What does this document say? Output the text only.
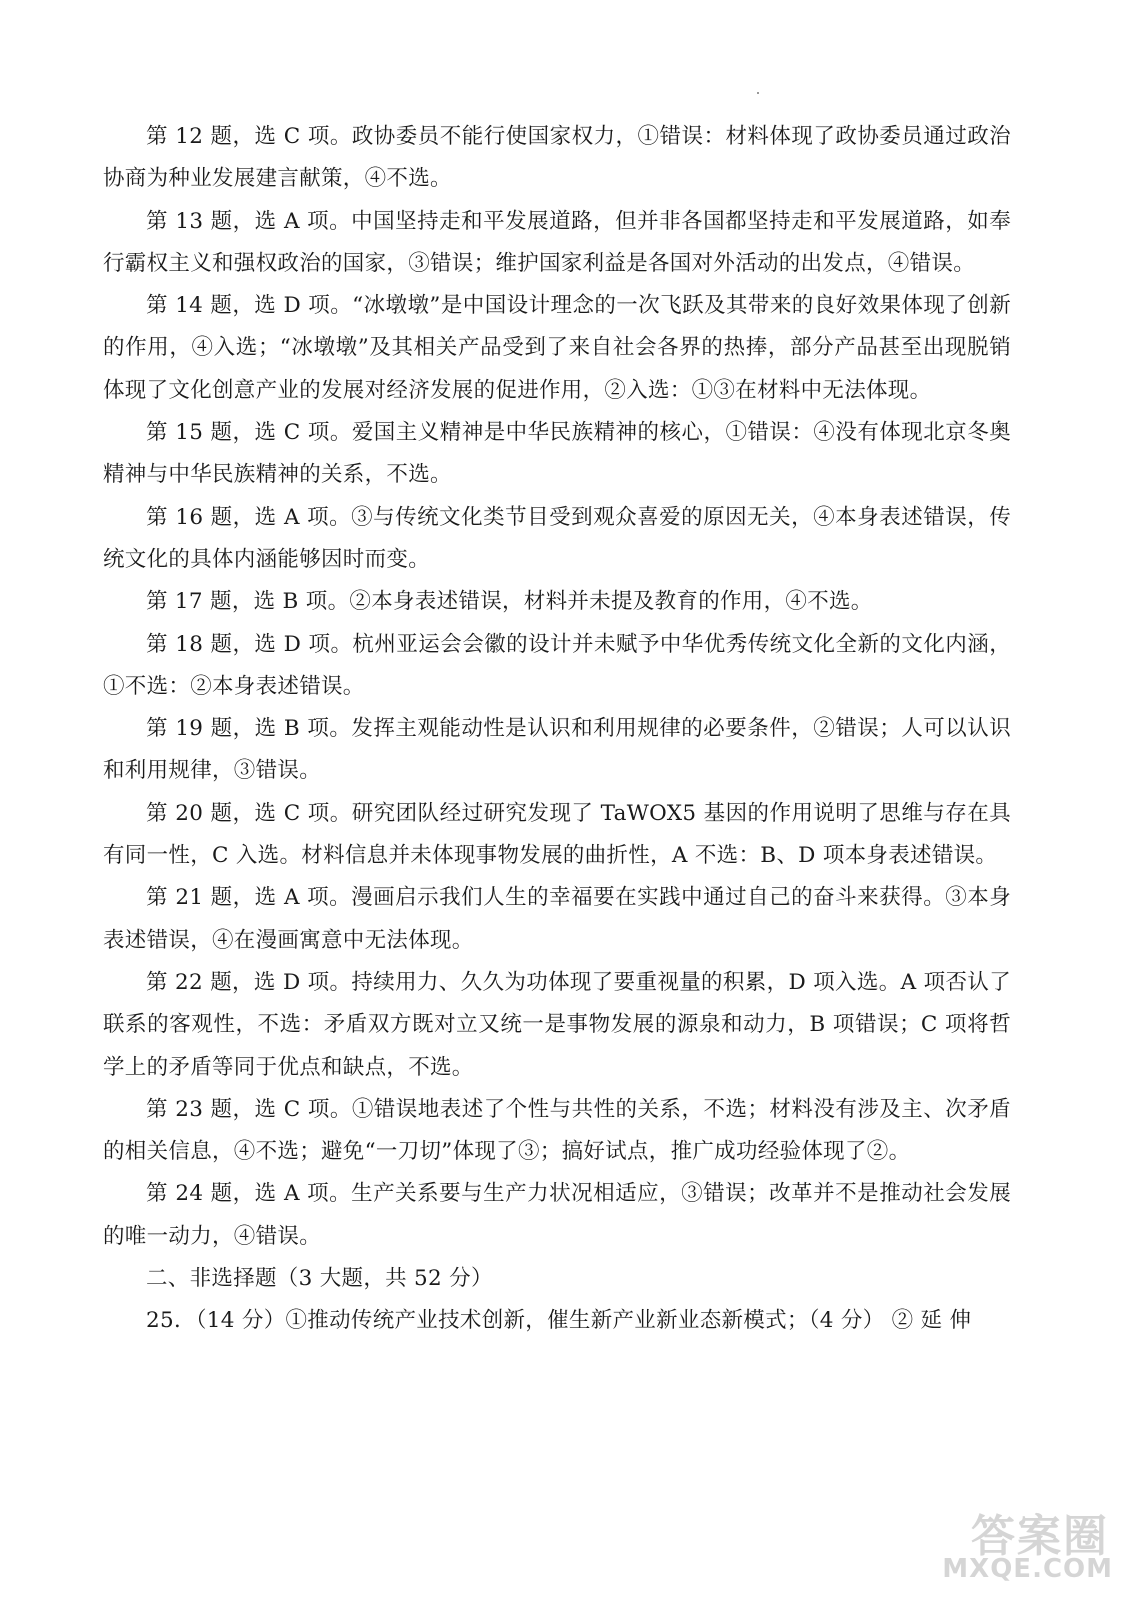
第 12 题，选 C 项。政协委员不能行使国家权力，①错误：材料体现了政协委员通过政治协商为种业发展建言献策，④不选。

第 13 题，选 A 项。中国坚持走和平发展道路，但并非各国都坚持走和平发展道路，如奉行霸权主义和强权政治的国家，③错误；维护国家利益是各国对外活动的出发点，④错误。

第 14 题，选 D 项。“冰墩墩”是中国设计理念的一次飞跃及其带来的良好效果体现了创新的作用，④入选；“冰墩墩”及其相关产品受到了来自社会各界的热捧，部分产品甚至出现脱销体现了文化创意产业的发展对经济发展的促进作用，②入选：①③在材料中无法体现。

第 15 题，选 C 项。爱国主义精神是中华民族精神的核心，①错误：④没有体现北京冬奥精神与中华民族精神的关系，不选。

第 16 题，选 A 项。③与传统文化类节目受到观众喜爱的原因无关，④本身表述错误，传统文化的具体内涵能够因时而变。

第 17 题，选 B 项。②本身表述错误，材料并未提及教育的作用，④不选。

第 18 题，选 D 项。杭州亚运会会徽的设计并未赋予中华优秀传统文化全新的文化内涵，①不选：②本身表述错误。

第 19 题，选 B 项。发挥主观能动性是认识和利用规律的必要条件，②错误；人可以认识和利用规律，③错误。

第 20 题，选 C 项。研究团队经过研究发现了 TaWOX5 基因的作用说明了思维与存在具有同一性，C 入选。材料信息并未体现事物发展的曲折性，A 不选：B、D 项本身表述错误。

第 21 题，选 A 项。漫画启示我们人生的幸福要在实践中通过自己的奋斗来获得。③本身表述错误，④在漫画寓意中无法体现。

第 22 题，选 D 项。持续用力、久久为功体现了要重视量的积累，D 项入选。A 项否认了联系的客观性，不选：矛盾双方既对立又统一是事物发展的源泉和动力，B 项错误；C 项将哲学上的矛盾等同于优点和缺点，不选。

第 23 题，选 C 项。①错误地表述了个性与共性的关系，不选；材料没有涉及主、次矛盾的相关信息，④不选；避免“一刀切”体现了③；搞好试点，推广成功经验体现了②。

第 24 题，选 A 项。生产关系要与生产力状况相适应，③错误；改革并不是推动社会发展的唯一动力，④错误。

二、非选择题（3 大题，共 52 分）

25．（14 分）①推动传统产业技术创新，催生新产业新业态新模式；（4 分） ② 延 伸

答案圈
MXQE.COM
